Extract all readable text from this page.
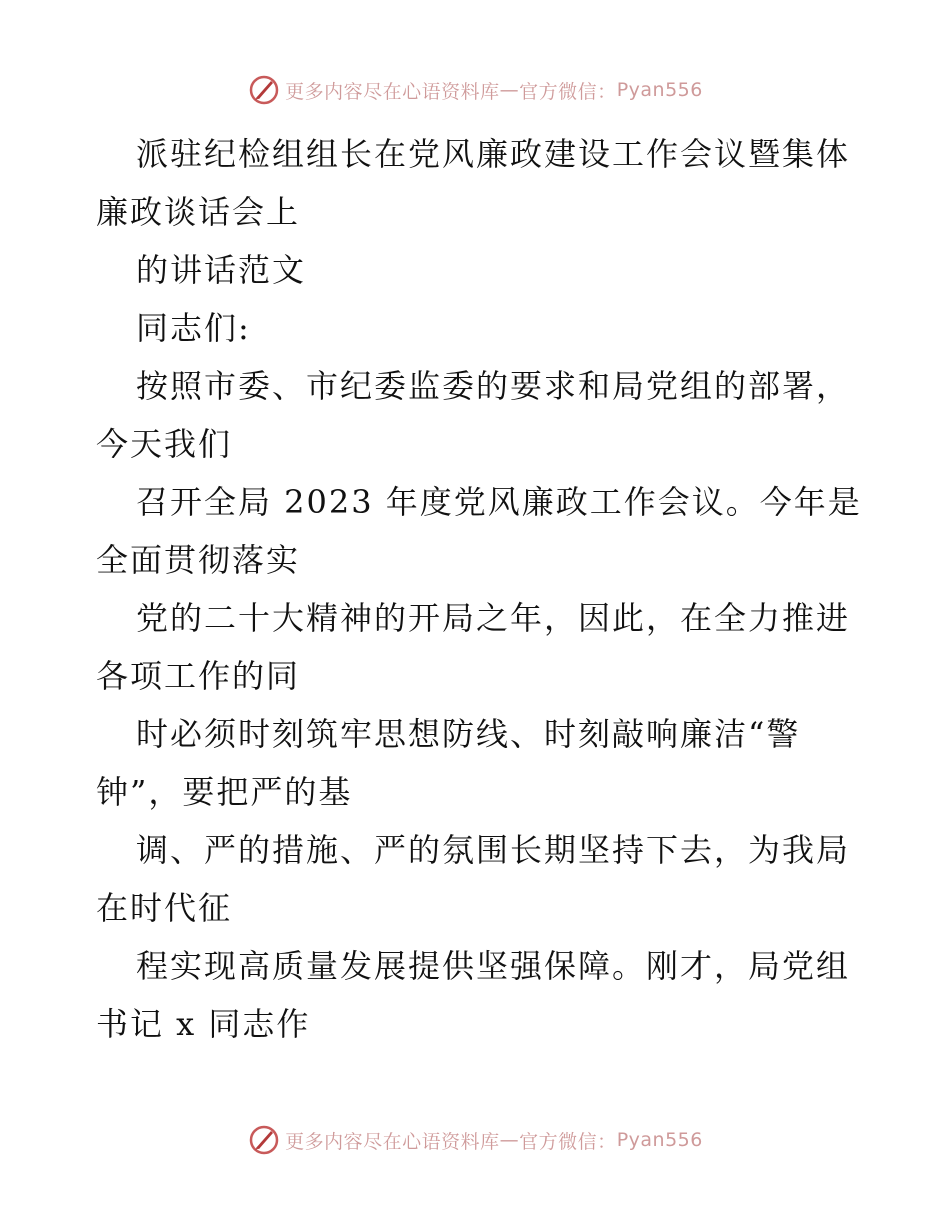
更多内容尽在心语资料库 — 官方微信： Pyan556
派驻纪检组组长在党风廉政建设工作会议暨集体
廉政谈话会上
的讲话范文
同志们:
按照市委、市纪委监委的要求和局党组的部署，
今天我们
召开全局 2023 年度党风廉政工作会议。今年是
全面贯彻落实
党的二十大精神的开局之年，因此，在全力推进
各项工作的同
时必须时刻筑牢思想防线、时刻敲响廉洁“警
钟”，要把严的基
调、严的措施、严的氛围长期坚持下去，为我局
在时代征
程实现高质量发展提供坚强保障。刚才，局党组
书记 x 同志作
更多内容尽在心语资料库 — 官方微信： Pyan556
